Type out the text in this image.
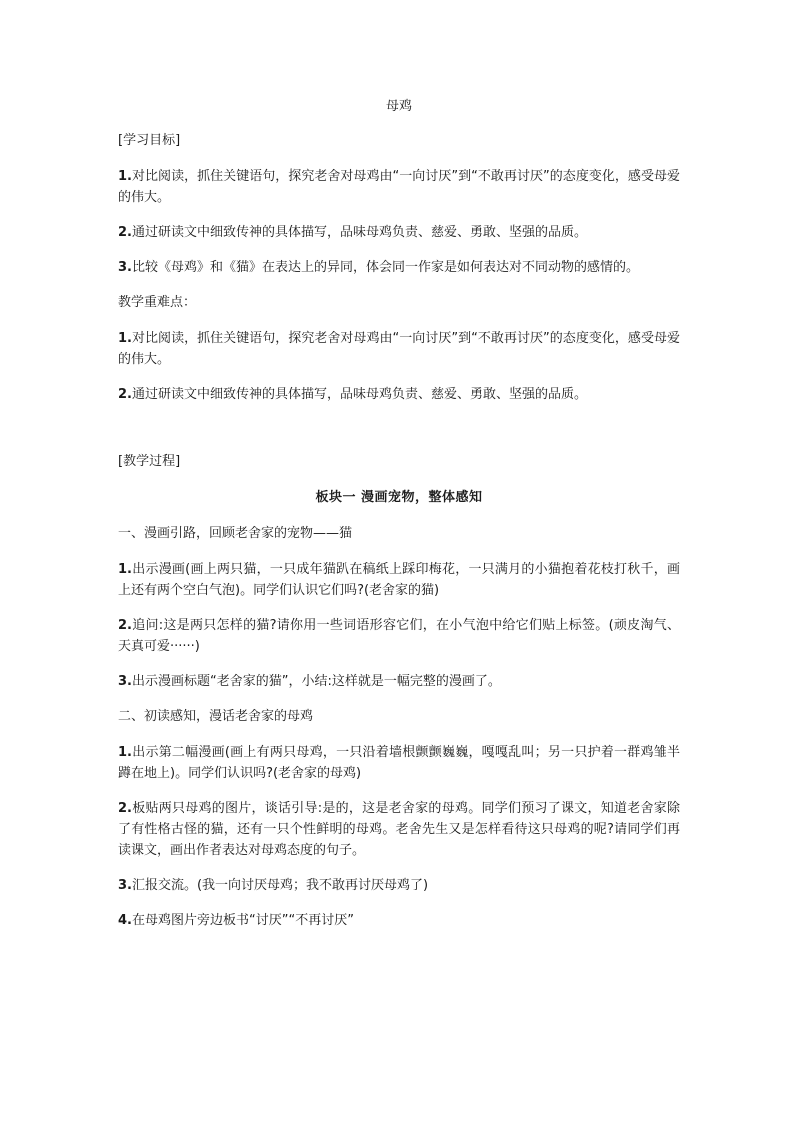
母鸡
[学习目标]
1.对比阅读，抓住关键语句，探究老舍对母鸡由“一向讨厌”到“不敢再讨厌”的态度变化，感受母爱的伟大。
2.通过研读文中细致传神的具体描写，品味母鸡负责、慈爱、勇敢、坚强的品质。
3.比较《母鸡》和《猫》在表达上的异同，体会同一作家是如何表达对不同动物的感情的。
教学重难点：
1.对比阅读，抓住关键语句，探究老舍对母鸡由“一向讨厌”到“不敢再讨厌”的态度变化，感受母爱的伟大。
2.通过研读文中细致传神的具体描写，品味母鸡负责、慈爱、勇敢、坚强的品质。
[教学过程]
板块一 漫画宠物，整体感知
一、漫画引路，回顾老舍家的宠物——猫
1.出示漫画(画上两只猫，一只成年猫趴在稿纸上踩印梅花，一只满月的小猫抱着花枝打秋千，画上还有两个空白气泡)。同学们认识它们吗?(老舍家的猫)
2.追问:这是两只怎样的猫?请你用一些词语形容它们，在小气泡中给它们贴上标签。(顽皮淘气、天真可爱······)
3.出示漫画标题“老舍家的猫”，小结:这样就是一幅完整的漫画了。
二、初读感知，漫话老舍家的母鸡
1.出示第二幅漫画(画上有两只母鸡，一只沿着墙根颤颤巍巍，嘎嘎乱叫；另一只护着一群鸡雏半蹲在地上)。同学们认识吗?(老舍家的母鸡)
2.板贴两只母鸡的图片，谈话引导:是的，这是老舍家的母鸡。同学们预习了课文，知道老舍家除了有性格古怪的猫，还有一只个性鲜明的母鸡。老舍先生又是怎样看待这只母鸡的呢?请同学们再读课文，画出作者表达对母鸡态度的句子。
3.汇报交流。(我一向讨厌母鸡；我不敢再讨厌母鸡了)
4.在母鸡图片旁边板书“讨厌”“不再讨厌”
